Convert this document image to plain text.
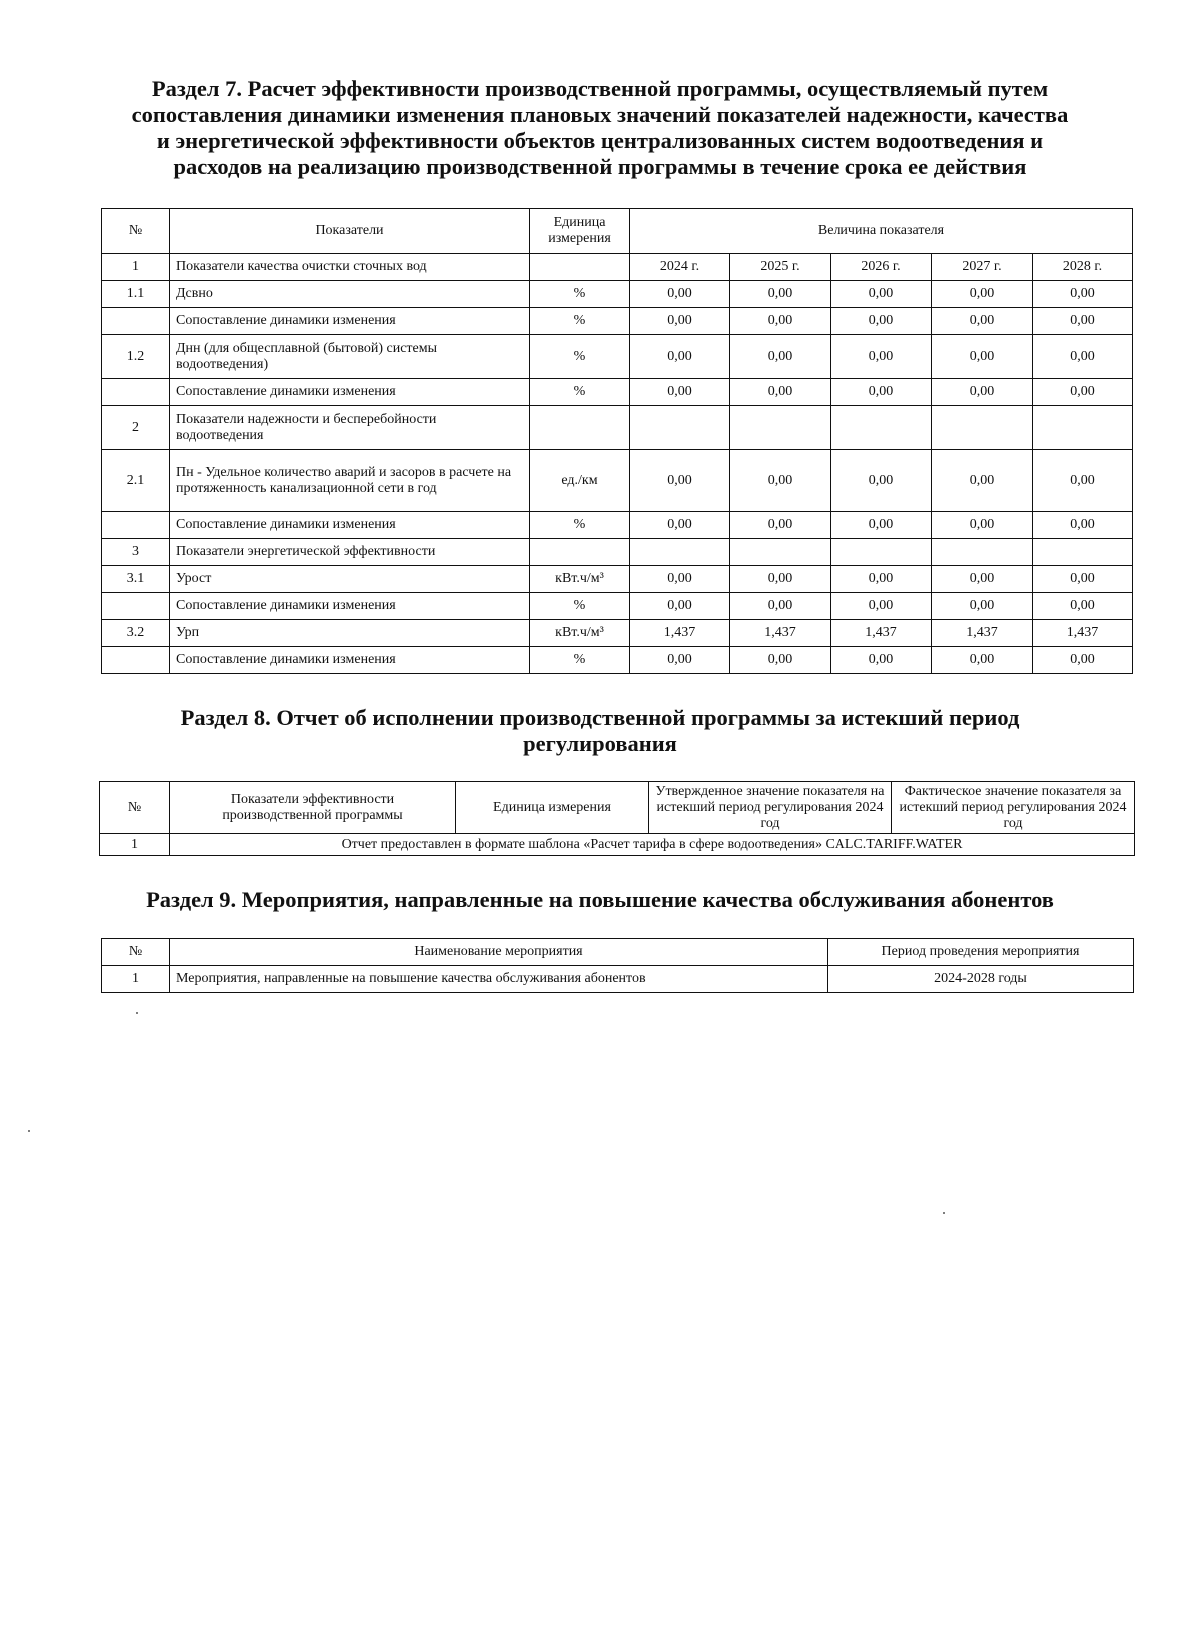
Раздел 7. Расчет эффективности производственной программы, осуществляемый путем
сопоставления динамики изменения плановых значений показателей надежности, качества
и энергетической эффективности объектов централизованных систем водоотведения и
расходов на реализацию производственной программы в течение срока ее действия
№	Показатели	Единица измерения	Величина показателя				
1	Показатели качества очистки сточных вод		2024 г.	2025 г.	2026 г.	2027 г.	2028 г.
1.1	Дсвно	%	0,00	0,00	0,00	0,00	0,00
	Сопоставление динамики изменения	%	0,00	0,00	0,00	0,00	0,00
1.2	Днн (для общесплавной (бытовой) системы водоотведения)	%	0,00	0,00	0,00	0,00	0,00
	Сопоставление динамики изменения	%	0,00	0,00	0,00	0,00	0,00
2	Показатели надежности и бесперебойности водоотведения						
2.1	Пн - Удельное количество аварий и засоров в расчете на протяженность канализационной сети в год	ед./км	0,00	0,00	0,00	0,00	0,00
	Сопоставление динамики изменения	%	0,00	0,00	0,00	0,00	0,00
3	Показатели энергетической эффективности						
3.1	Урост	кВт.ч/м³	0,00	0,00	0,00	0,00	0,00
	Сопоставление динамики изменения	%	0,00	0,00	0,00	0,00	0,00
3.2	Урп	кВт.ч/м³	1,437	1,437	1,437	1,437	1,437
	Сопоставление динамики изменения	%	0,00	0,00	0,00	0,00	0,00
Раздел 8. Отчет об исполнении производственной программы за истекший период
регулирования
№	Показатели эффективности производственной программы	Единица измерения	Утвержденное значение показателя на истекший период регулирования 2024 год	Фактическое значение показателя за истекший период регулирования 2024 год
1	Отчет предоставлен в формате шаблона «Расчет тарифа в сфере водоотведения» CALC.TARIFF.WATER			
Раздел 9. Мероприятия, направленные на повышение качества обслуживания абонентов
№	Наименование мероприятия	Период проведения мероприятия
1	Мероприятия, направленные на повышение качества обслуживания абонентов	2024-2028 годы
